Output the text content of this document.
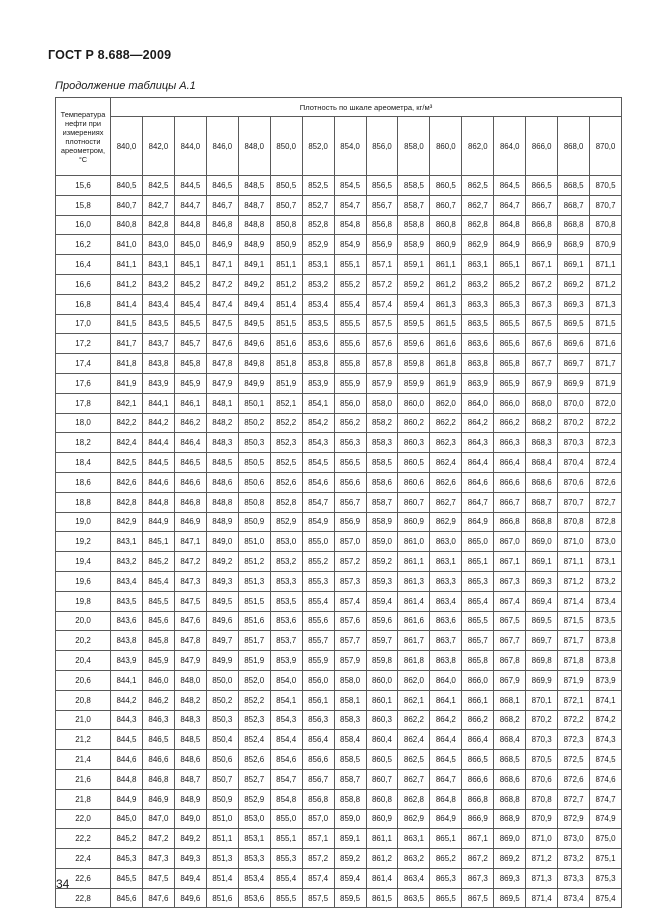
ГОСТ Р 8.688—2009
Продолжение таблицы А.1
Температура нефти при измерениях плотности ареометром, °С	Плотность по шкале ареометра, кг/м³															
	840,0	842,0	844,0	846,0	848,0	850,0	852,0	854,0	856,0	858,0	860,0	862,0	864,0	866,0	868,0	870,0
15,6	840,5	842,5	844,5	846,5	848,5	850,5	852,5	854,5	856,5	858,5	860,5	862,5	864,5	866,5	868,5	870,5
15,8	840,7	842,7	844,7	846,7	848,7	850,7	852,7	854,7	856,7	858,7	860,7	862,7	864,7	866,7	868,7	870,7
16,0	840,8	842,8	844,8	846,8	848,8	850,8	852,8	854,8	856,8	858,8	860,8	862,8	864,8	866,8	868,8	870,8
16,2	841,0	843,0	845,0	846,9	848,9	850,9	852,9	854,9	856,9	858,9	860,9	862,9	864,9	866,9	868,9	870,9
16,4	841,1	843,1	845,1	847,1	849,1	851,1	853,1	855,1	857,1	859,1	861,1	863,1	865,1	867,1	869,1	871,1
16,6	841,2	843,2	845,2	847,2	849,2	851,2	853,2	855,2	857,2	859,2	861,2	863,2	865,2	867,2	869,2	871,2
16,8	841,4	843,4	845,4	847,4	849,4	851,4	853,4	855,4	857,4	859,4	861,3	863,3	865,3	867,3	869,3	871,3
17,0	841,5	843,5	845,5	847,5	849,5	851,5	853,5	855,5	857,5	859,5	861,5	863,5	865,5	867,5	869,5	871,5
17,2	841,7	843,7	845,7	847,6	849,6	851,6	853,6	855,6	857,6	859,6	861,6	863,6	865,6	867,6	869,6	871,6
17,4	841,8	843,8	845,8	847,8	849,8	851,8	853,8	855,8	857,8	859,8	861,8	863,8	865,8	867,7	869,7	871,7
17,6	841,9	843,9	845,9	847,9	849,9	851,9	853,9	855,9	857,9	859,9	861,9	863,9	865,9	867,9	869,9	871,9
17,8	842,1	844,1	846,1	848,1	850,1	852,1	854,1	856,0	858,0	860,0	862,0	864,0	866,0	868,0	870,0	872,0
18,0	842,2	844,2	846,2	848,2	850,2	852,2	854,2	856,2	858,2	860,2	862,2	864,2	866,2	868,2	870,2	872,2
18,2	842,4	844,4	846,4	848,3	850,3	852,3	854,3	856,3	858,3	860,3	862,3	864,3	866,3	868,3	870,3	872,3
18,4	842,5	844,5	846,5	848,5	850,5	852,5	854,5	856,5	858,5	860,5	862,4	864,4	866,4	868,4	870,4	872,4
18,6	842,6	844,6	846,6	848,6	850,6	852,6	854,6	856,6	858,6	860,6	862,6	864,6	866,6	868,6	870,6	872,6
18,8	842,8	844,8	846,8	848,8	850,8	852,8	854,7	856,7	858,7	860,7	862,7	864,7	866,7	868,7	870,7	872,7
19,0	842,9	844,9	846,9	848,9	850,9	852,9	854,9	856,9	858,9	860,9	862,9	864,9	866,8	868,8	870,8	872,8
19,2	843,1	845,1	847,1	849,0	851,0	853,0	855,0	857,0	859,0	861,0	863,0	865,0	867,0	869,0	871,0	873,0
19,4	843,2	845,2	847,2	849,2	851,2	853,2	855,2	857,2	859,2	861,1	863,1	865,1	867,1	869,1	871,1	873,1
19,6	843,4	845,4	847,3	849,3	851,3	853,3	855,3	857,3	859,3	861,3	863,3	865,3	867,3	869,3	871,2	873,2
19,8	843,5	845,5	847,5	849,5	851,5	853,5	855,4	857,4	859,4	861,4	863,4	865,4	867,4	869,4	871,4	873,4
20,0	843,6	845,6	847,6	849,6	851,6	853,6	855,6	857,6	859,6	861,6	863,6	865,5	867,5	869,5	871,5	873,5
20,2	843,8	845,8	847,8	849,7	851,7	853,7	855,7	857,7	859,7	861,7	863,7	865,7	867,7	869,7	871,7	873,8
20,4	843,9	845,9	847,9	849,9	851,9	853,9	855,9	857,9	859,8	861,8	863,8	865,8	867,8	869,8	871,8	873,8
20,6	844,1	846,0	848,0	850,0	852,0	854,0	856,0	858,0	860,0	862,0	864,0	866,0	867,9	869,9	871,9	873,9
20,8	844,2	846,2	848,2	850,2	852,2	854,1	856,1	858,1	860,1	862,1	864,1	866,1	868,1	870,1	872,1	874,1
21,0	844,3	846,3	848,3	850,3	852,3	854,3	856,3	858,3	860,3	862,2	864,2	866,2	868,2	870,2	872,2	874,2
21,2	844,5	846,5	848,5	850,4	852,4	854,4	856,4	858,4	860,4	862,4	864,4	866,4	868,4	870,3	872,3	874,3
21,4	844,6	846,6	848,6	850,6	852,6	854,6	856,6	858,5	860,5	862,5	864,5	866,5	868,5	870,5	872,5	874,5
21,6	844,8	846,8	848,7	850,7	852,7	854,7	856,7	858,7	860,7	862,7	864,7	866,6	868,6	870,6	872,6	874,6
21,8	844,9	846,9	848,9	850,9	852,9	854,8	856,8	858,8	860,8	862,8	864,8	866,8	868,8	870,8	872,7	874,7
22,0	845,0	847,0	849,0	851,0	853,0	855,0	857,0	859,0	860,9	862,9	864,9	866,9	868,9	870,9	872,9	874,9
22,2	845,2	847,2	849,2	851,1	853,1	855,1	857,1	859,1	861,1	863,1	865,1	867,1	869,0	871,0	873,0	875,0
22,4	845,3	847,3	849,3	851,3	853,3	855,3	857,2	859,2	861,2	863,2	865,2	867,2	869,2	871,2	873,2	875,1
22,6	845,5	847,5	849,4	851,4	853,4	855,4	857,4	859,4	861,4	863,4	865,3	867,3	869,3	871,3	873,3	875,3
22,8	845,6	847,6	849,6	851,6	853,6	855,5	857,5	859,5	861,5	863,5	865,5	867,5	869,5	871,4	873,4	875,4
34
